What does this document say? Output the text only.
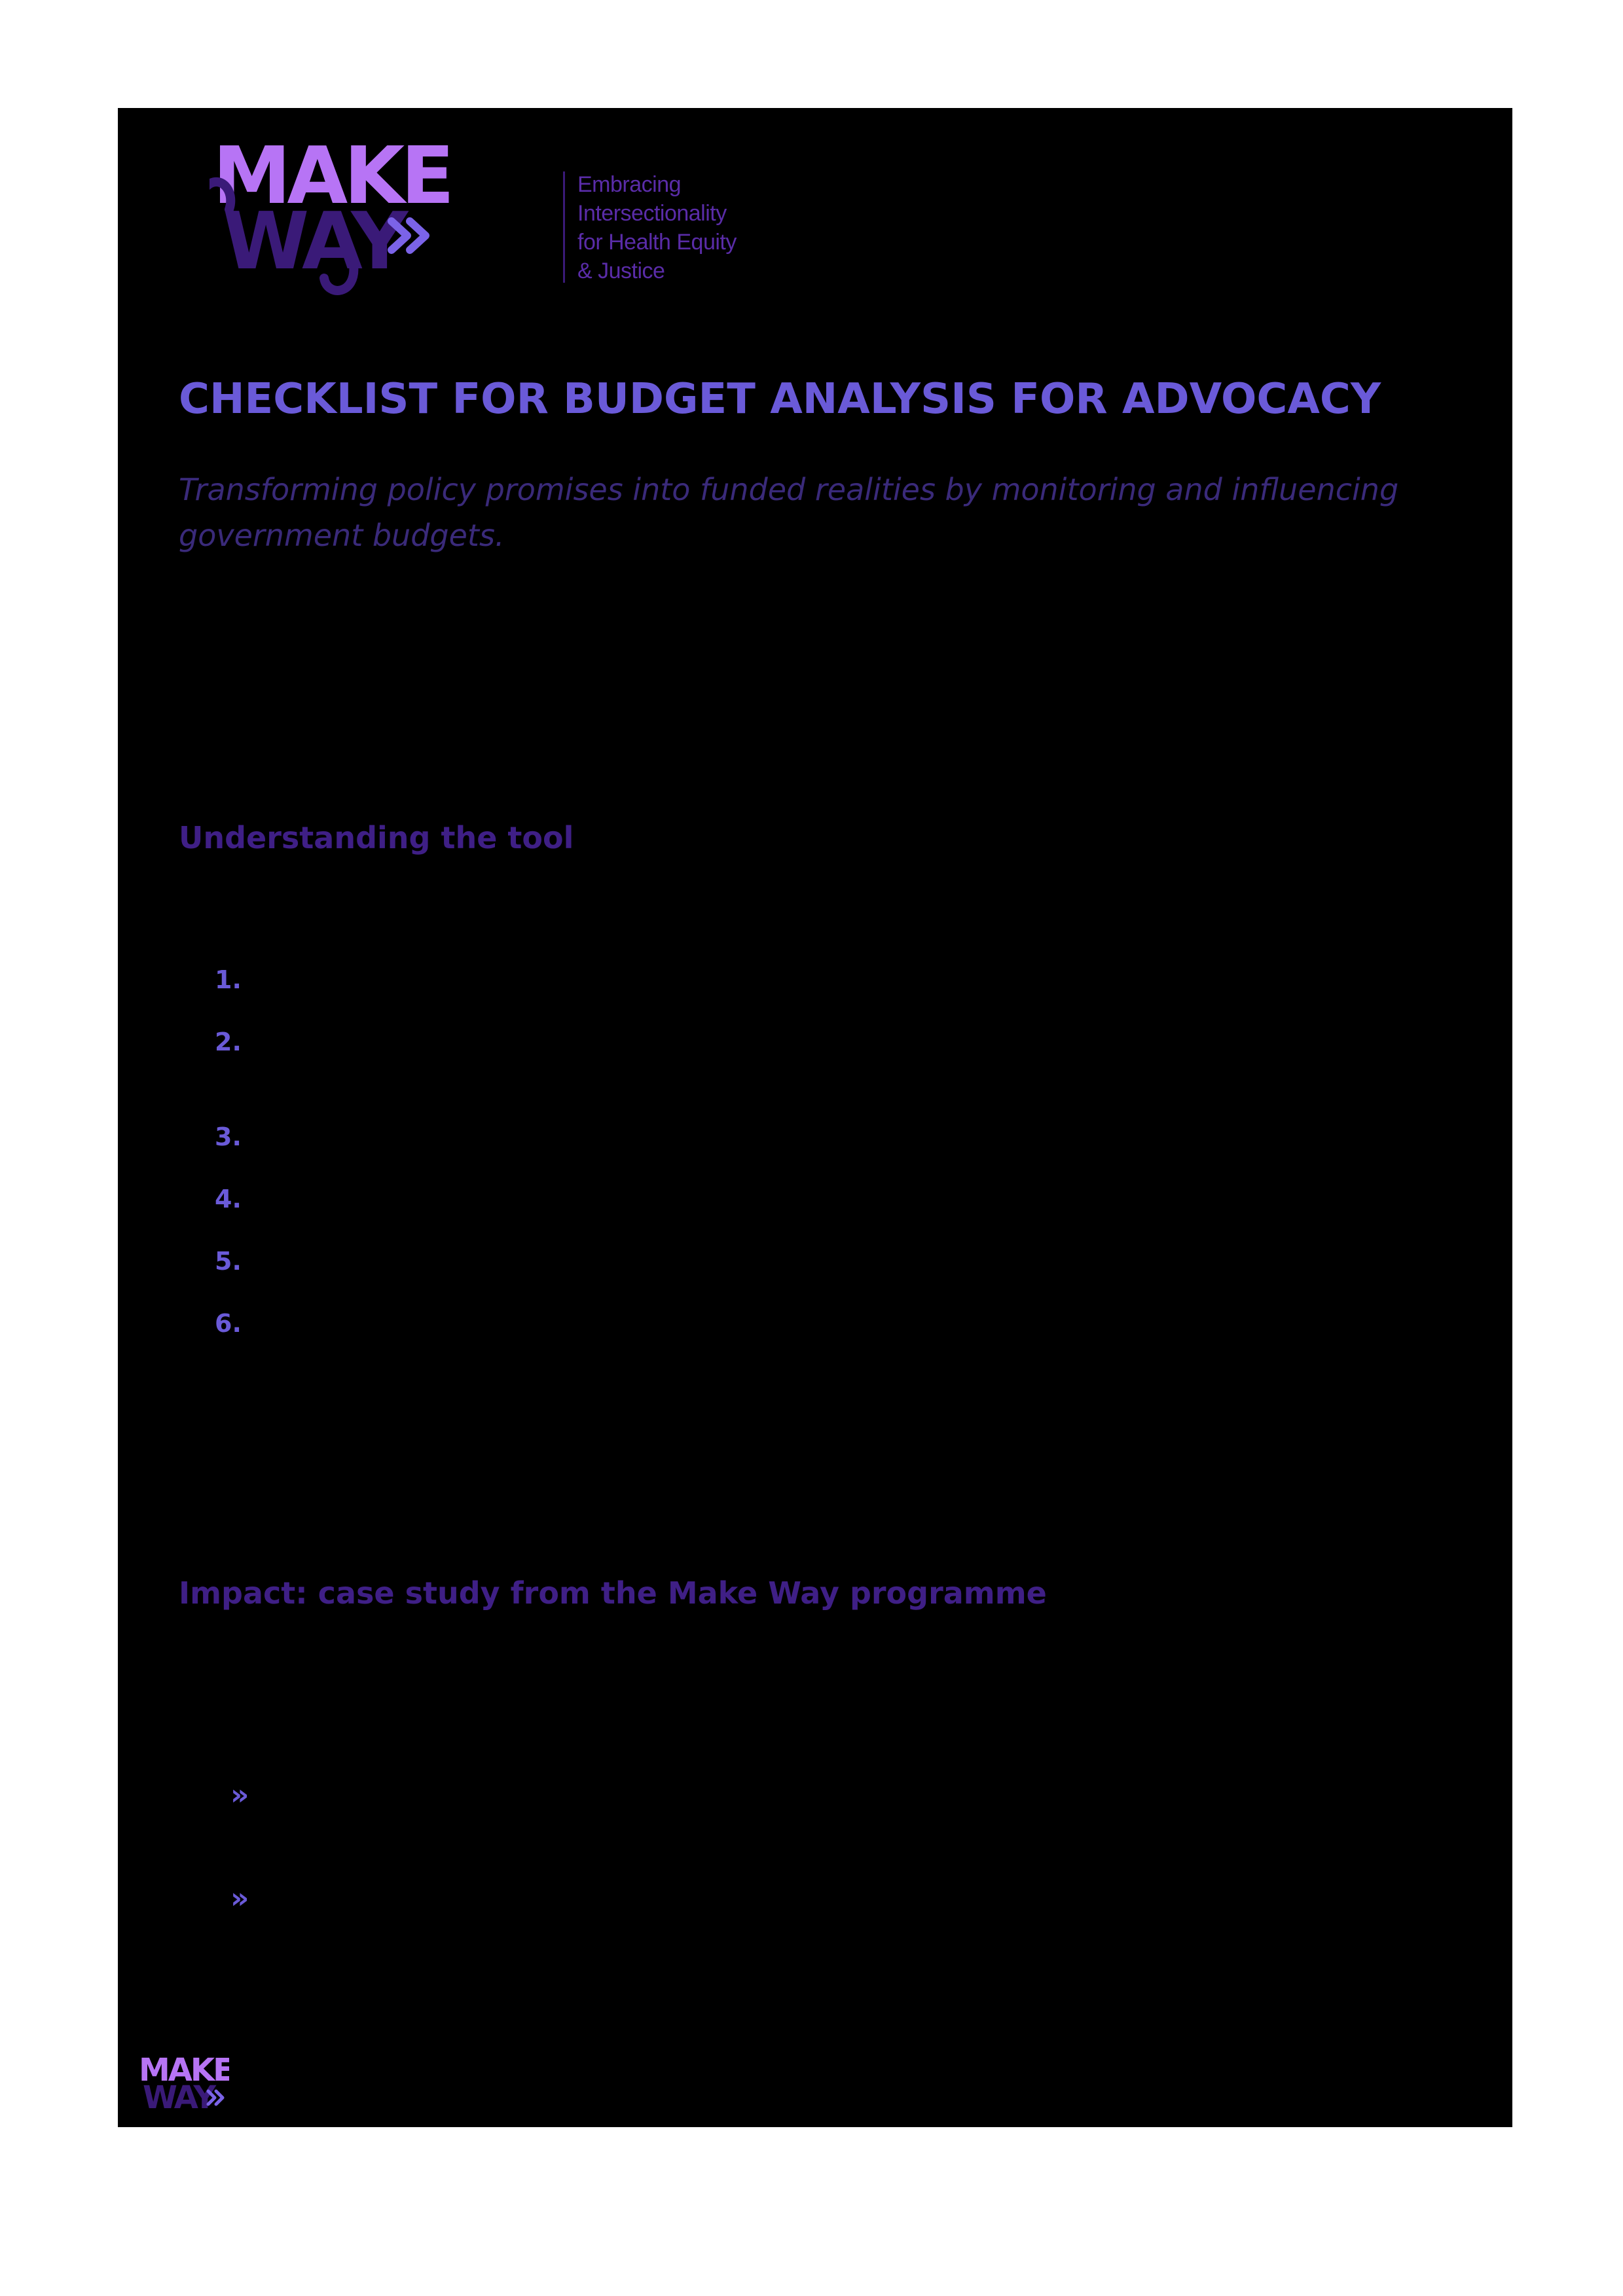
MAKE
WAY
Embracing
Intersectionality
for Health Equity
& Justice
CHECKLIST FOR BUDGET ANALYSIS FOR ADVOCACY

Transforming policy promises into funded realities by monitoring and influencing government budgets.

Understanding the tool
1.
2.
3.
4.
5.
6.
Impact: case study from the Make Way programme
»
»
MAKE
WAY
